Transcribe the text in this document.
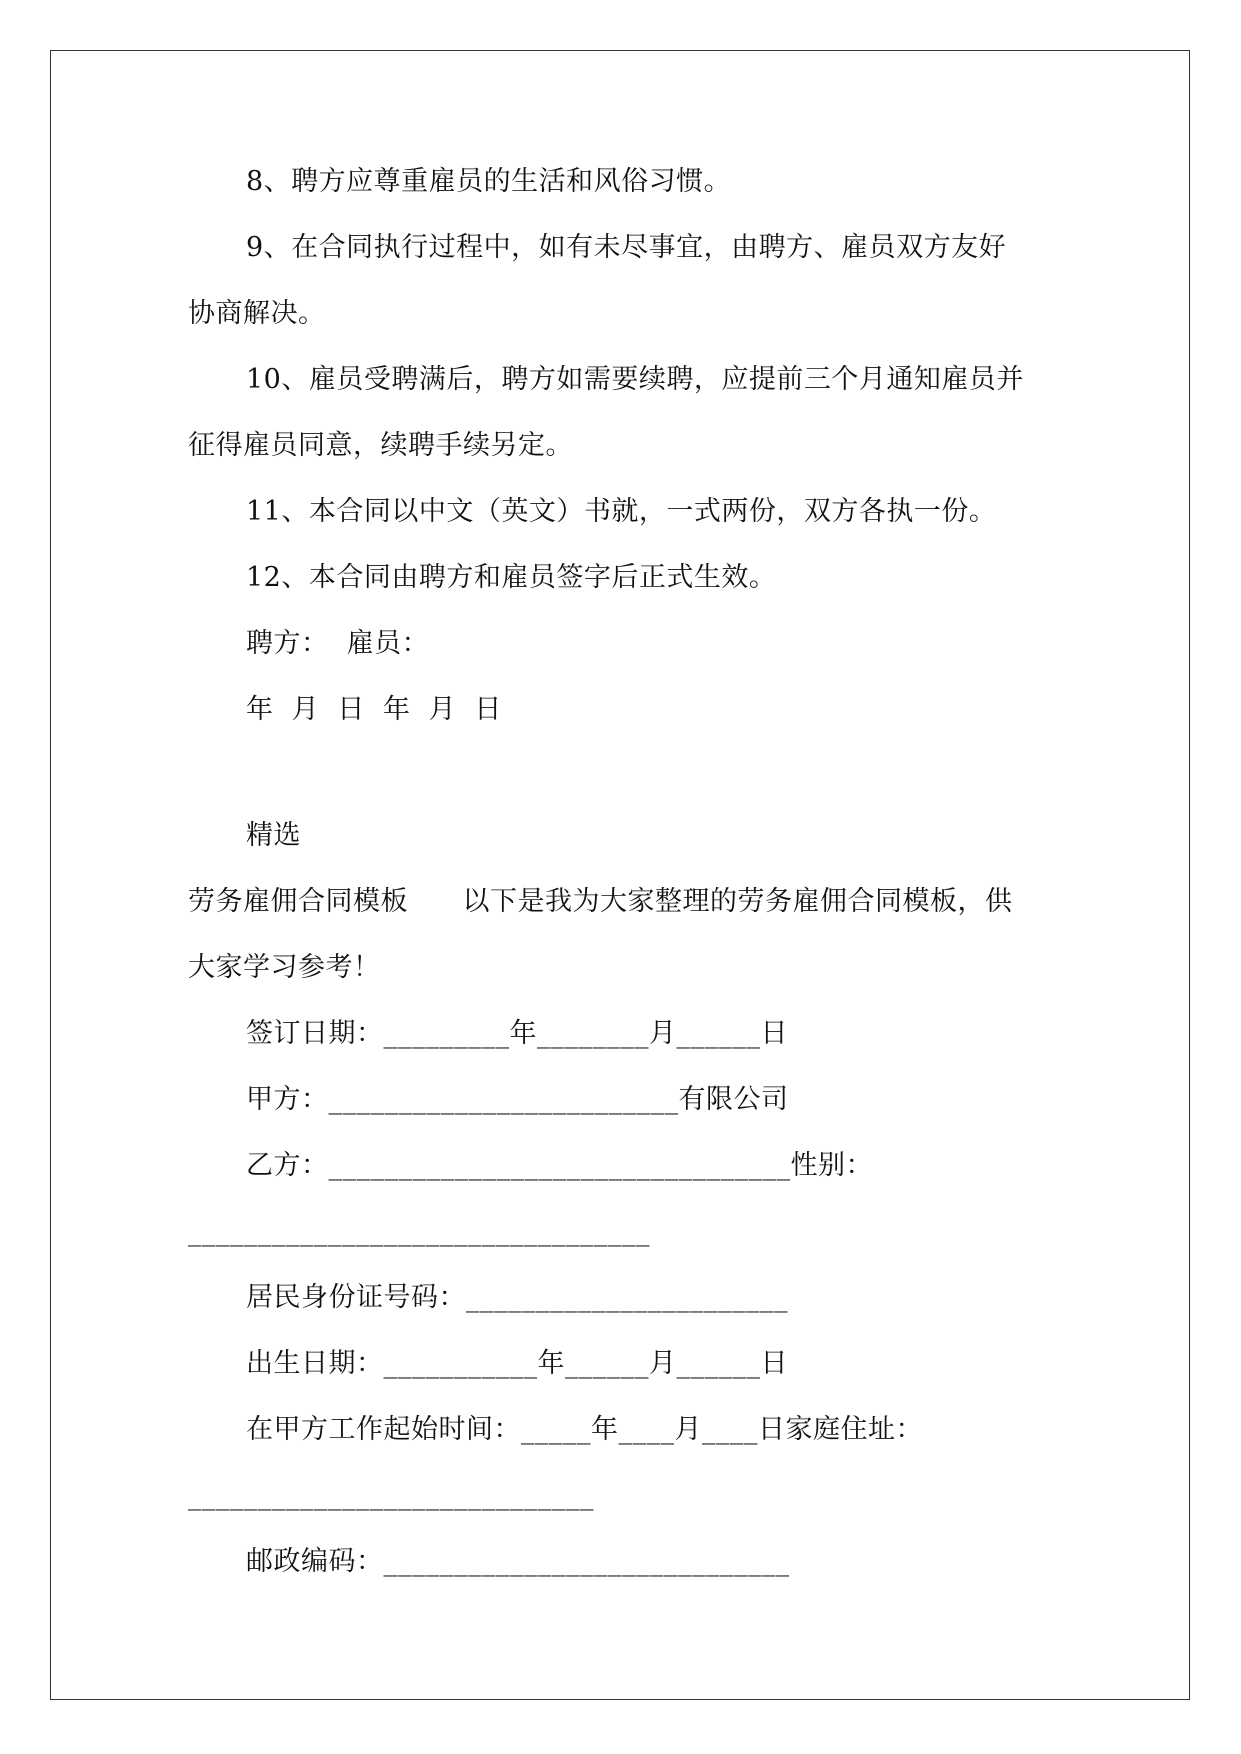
8、聘方应尊重雇员的生活和风俗习惯。
9、在合同执行过程中，如有未尽事宜，由聘方、雇员双方友好
协商解决。
10、雇员受聘满后，聘方如需要续聘，应提前三个月通知雇员并
征得雇员同意，续聘手续另定。
11、本合同以中文（英文）书就，一式两份，双方各执一份。
12、本合同由聘方和雇员签字后正式生效。
聘方：  雇员：
年  月  日  年  月  日
精选
劳务雇佣合同模板      以下是我为大家整理的劳务雇佣合同模板，供
大家学习参考！
签订日期：_________年________月______日
甲方：_________________________有限公司
乙方：_________________________________性别：
_________________________________
居民身份证号码：_______________________
出生日期：___________年______月______日
在甲方工作起始时间：_____年____月____日家庭住址：
_____________________________
邮政编码：_____________________________
